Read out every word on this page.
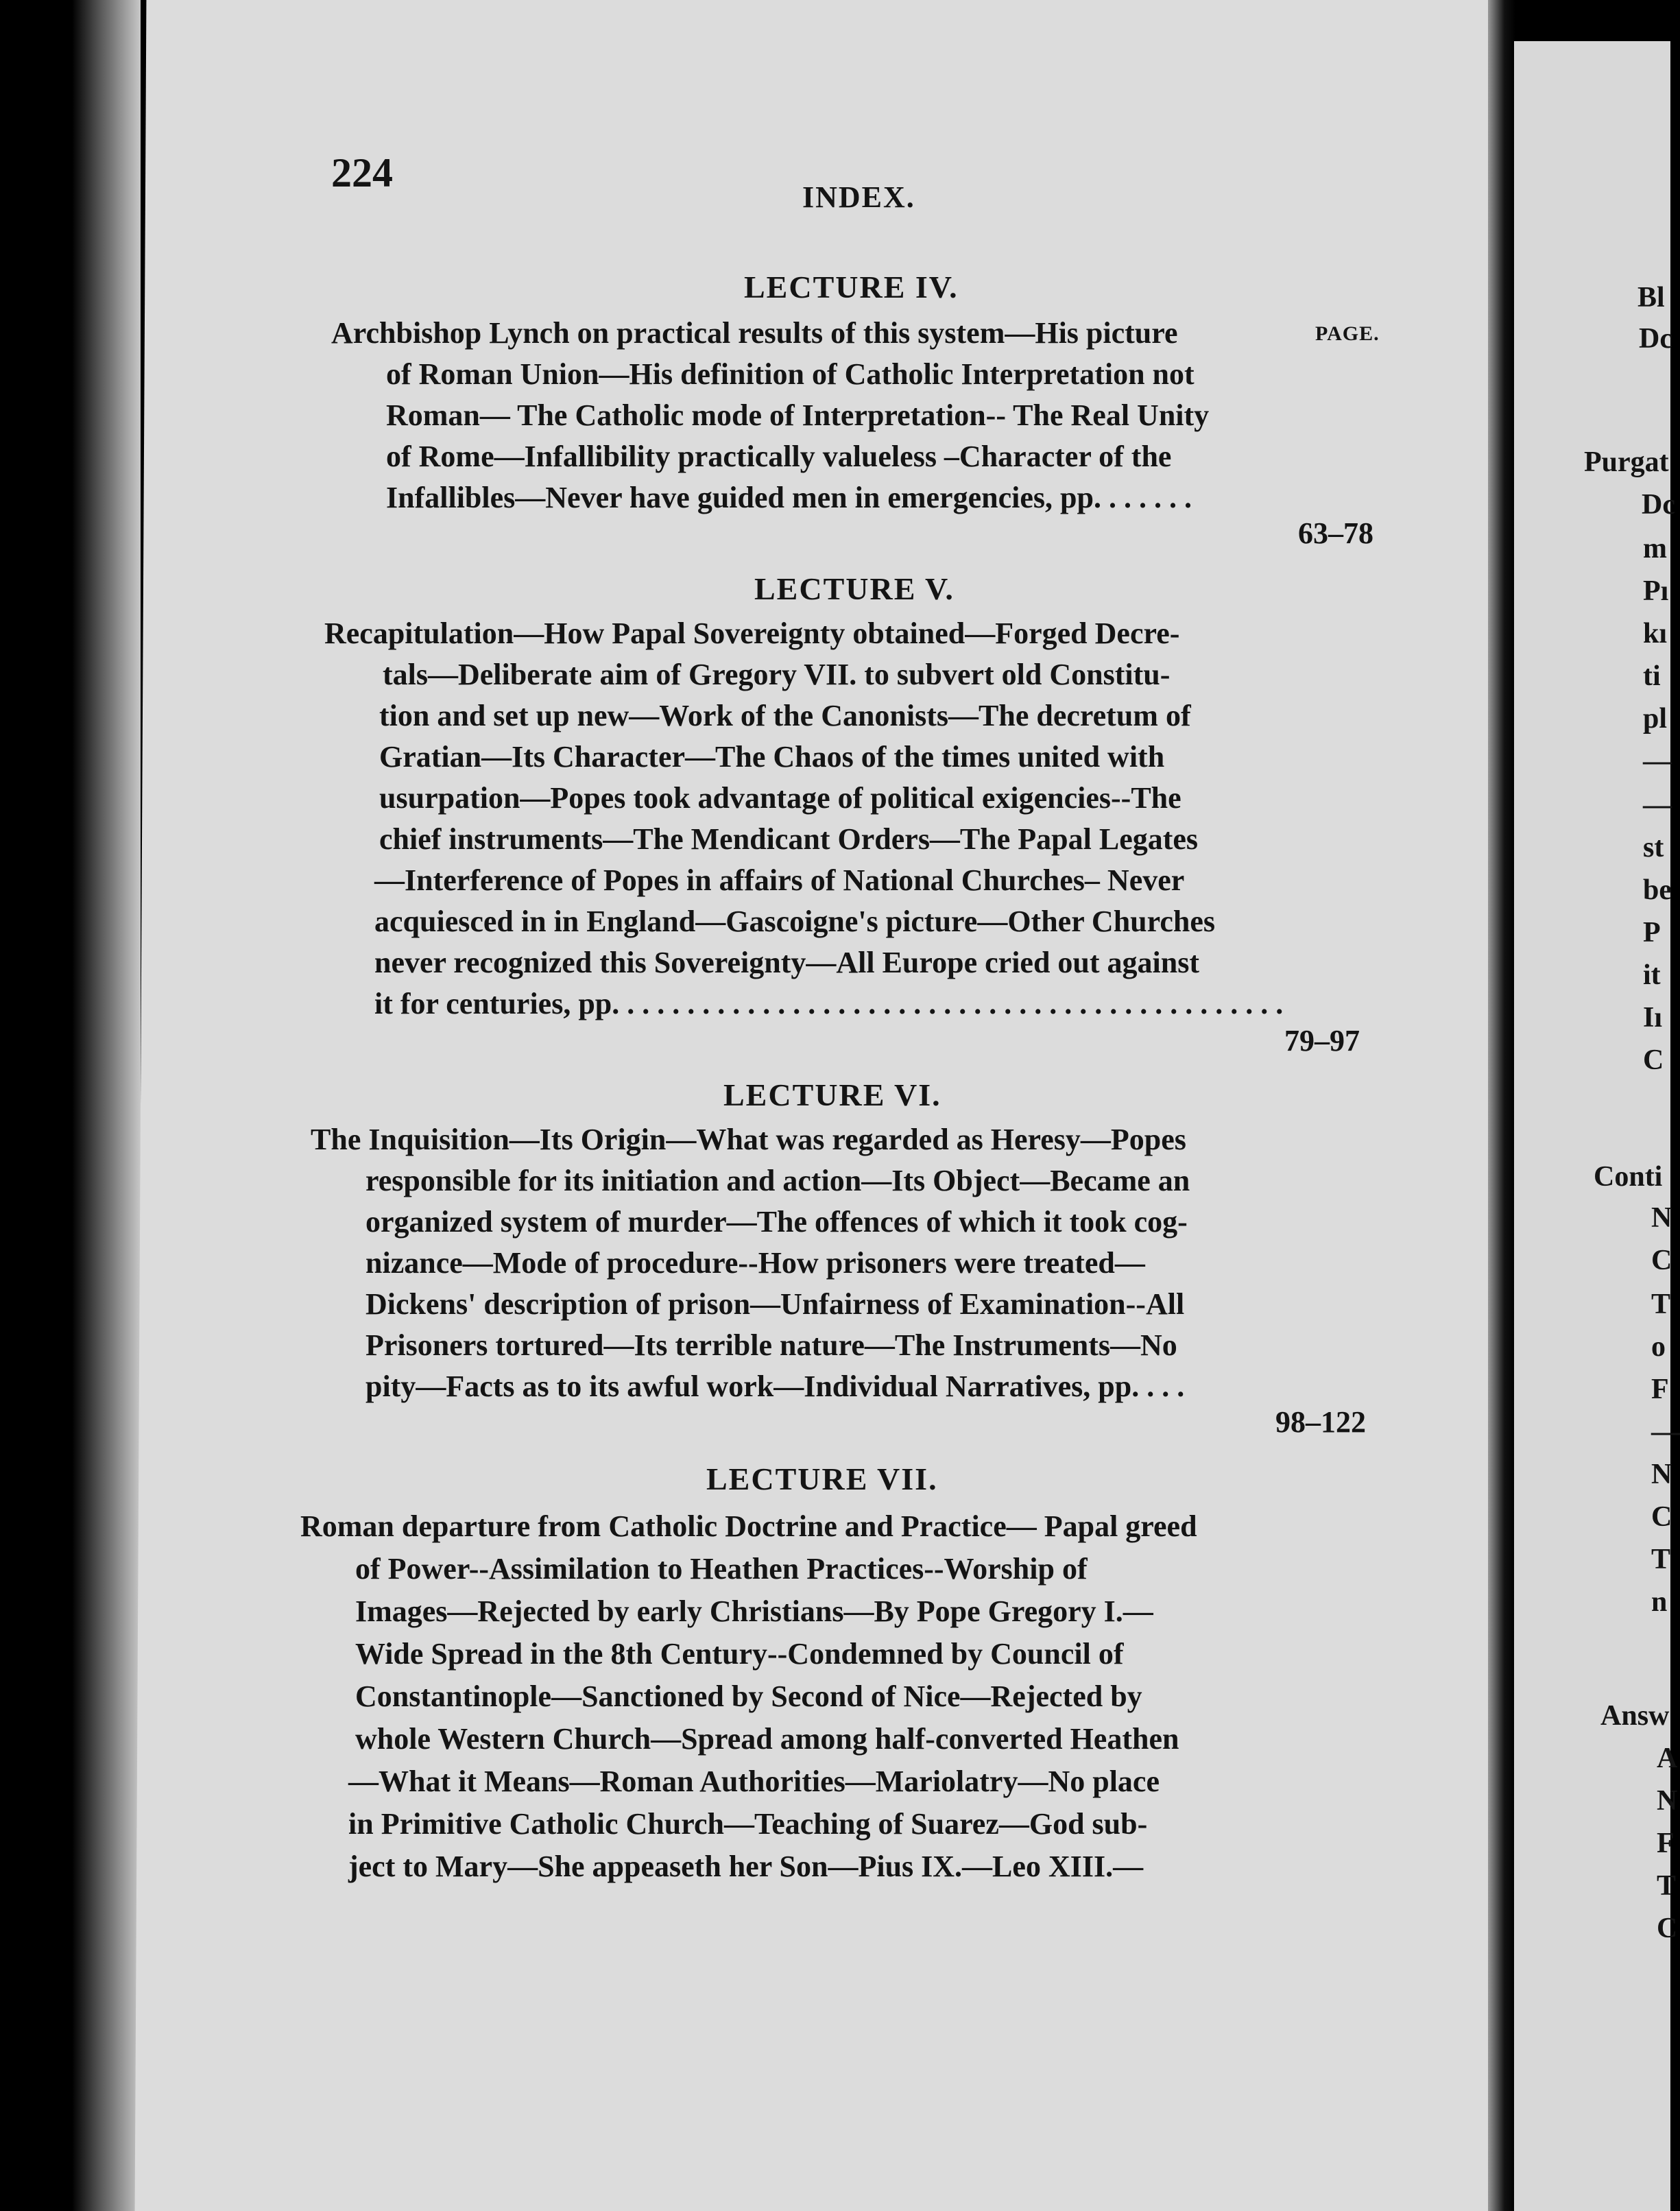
224
INDEX.
PAGE.
LECTURE IV.
Archbishop Lynch on practical results of this system—His picture
of Roman Union—His definition of Catholic Interpretation not
Roman— The Catholic mode of Interpretation-- The Real Unity
of Rome—Infallibility practically valueless –Character of the
Infallibles—Never have guided men in emergencies, pp. . . . . . .
63–78
LECTURE V.
Recapitulation—How Papal Sovereignty obtained—Forged Decre-
tals—Deliberate aim of Gregory VII. to subvert old Constitu-
tion and set up new—Work of the Canonists—The decretum of
Gratian—Its Character—The Chaos of the times united with
usurpation—Popes took advantage of political exigencies--The
chief instruments—The Mendicant Orders—The Papal Legates
—Interference of Popes in affairs of National Churches– Never
acquiesced in in England—Gascoigne's picture—Other Churches
never recognized this Sovereignty—All Europe cried out against
it for centuries, pp. . . . . . . . . . . . . . . . . . . . . . . . . . . . . . . . . . . . . . . . . . . . .
79–97
LECTURE VI.
The Inquisition—Its Origin—What was regarded as Heresy—Popes
responsible for its initiation and action—Its Object—Became an
organized system of murder—The offences of which it took cog-
nizance—Mode of procedure--How prisoners were treated—
Dickens' description of prison—Unfairness of Examination--All
Prisoners tortured—Its terrible nature—The Instruments—No
pity—Facts as to its awful work—Individual Narratives, pp. . . .
98–122
LECTURE VII.
Roman departure from Catholic Doctrine and Practice— Papal greed
of Power--Assimilation to Heathen Practices--Worship of
Images—Rejected by early Christians—By Pope Gregory I.—
Wide Spread in the 8th Century--Condemned by Council of
Constantinople—Sanctioned by Second of Nice—Rejected by
whole Western Church—Spread among half-converted Heathen
—What it Means—Roman Authorities—Mariolatry—No place
in Primitive Catholic Church—Teaching of Suarez—God sub-
ject to Mary—She appeaseth her Son—Pius IX.—Leo XIII.—
Bl
Dc
Purgat
Dc
m
Pı
kı
ti
pl
—
—
st
be
P
it
Iı
C
Conti
N
C
T
o
F
—
N
C
T
n
Answ
A
N
F
T
C
